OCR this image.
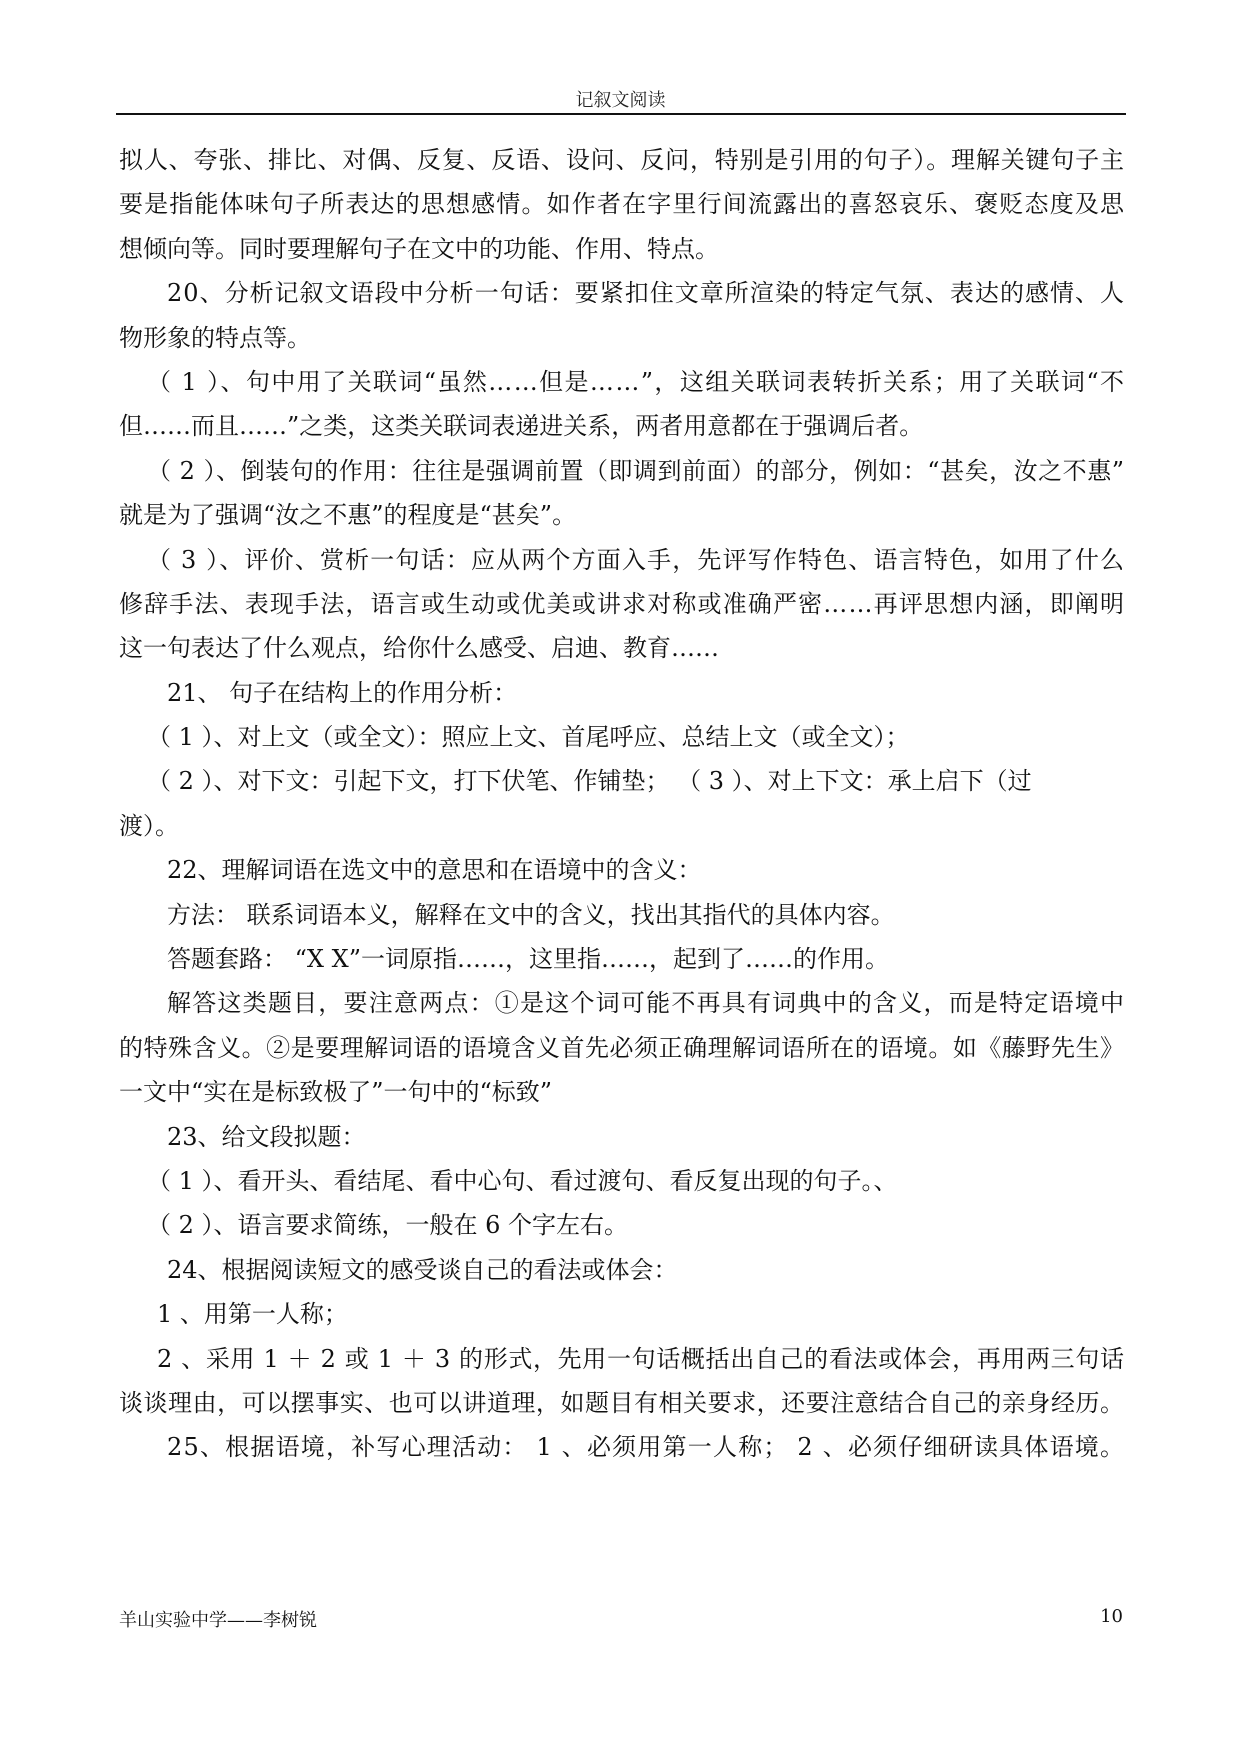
记叙文阅读
拟人、夸张、排比、对偶、反复、反语、设问、反问，特别是引用的句子）。理解关键句子主
要是指能体味句子所表达的思想感情。如作者在字里行间流露出的喜怒哀乐、褒贬态度及思
想倾向等。同时要理解句子在文中的功能、作用、特点。
20、分析记叙文语段中分析一句话：要紧扣住文章所渲染的特定气氛、表达的感情、人
物形象的特点等。
（ 1 ）、句中用了关联词“虽然……但是……”，这组关联词表转折关系；用了关联词“不
但……而且……”之类，这类关联词表递进关系，两者用意都在于强调后者。
（ 2 ）、倒装句的作用：往往是强调前置（即调到前面）的部分，例如：“甚矣，汝之不惠”
就是为了强调“汝之不惠”的程度是“甚矣”。
（ 3 ）、评价、赏析一句话：应从两个方面入手，先评写作特色、语言特色，如用了什么
修辞手法、表现手法，语言或生动或优美或讲求对称或准确严密……再评思想内涵，即阐明
这一句表达了什么观点，给你什么感受、启迪、教育……
21、 句子在结构上的作用分析：
（ 1 ）、对上文（或全文）：照应上文、首尾呼应、总结上文（或全文）；
（ 2 ）、对下文：引起下文，打下伏笔、作铺垫； （ 3 ）、对上下文：承上启下（过
渡）。
22、理解词语在选文中的意思和在语境中的含义：
方法： 联系词语本义，解释在文中的含义，找出其指代的具体内容。
答题套路： “X X”一词原指……，这里指……，起到了……的作用。
解答这类题目，要注意两点：①是这个词可能不再具有词典中的含义，而是特定语境中
的特殊含义。②是要理解词语的语境含义首先必须正确理解词语所在的语境。如《藤野先生》
一文中“实在是标致极了”一句中的“标致”
23、给文段拟题：
（ 1 ）、看开头、看结尾、看中心句、看过渡句、看反复出现的句子。、
（ 2 ）、语言要求简练，一般在 6 个字左右。
24、根据阅读短文的感受谈自己的看法或体会：
1 、用第一人称；
2 、采用 1 ＋ 2 或 1 ＋ 3 的形式，先用一句话概括出自己的看法或体会，再用两三句话
谈谈理由，可以摆事实、也可以讲道理，如题目有相关要求，还要注意结合自己的亲身经历。
25、根据语境，补写心理活动： 1 、必须用第一人称； 2 、必须仔细研读具体语境。
羊山实验中学——李树锐	10
